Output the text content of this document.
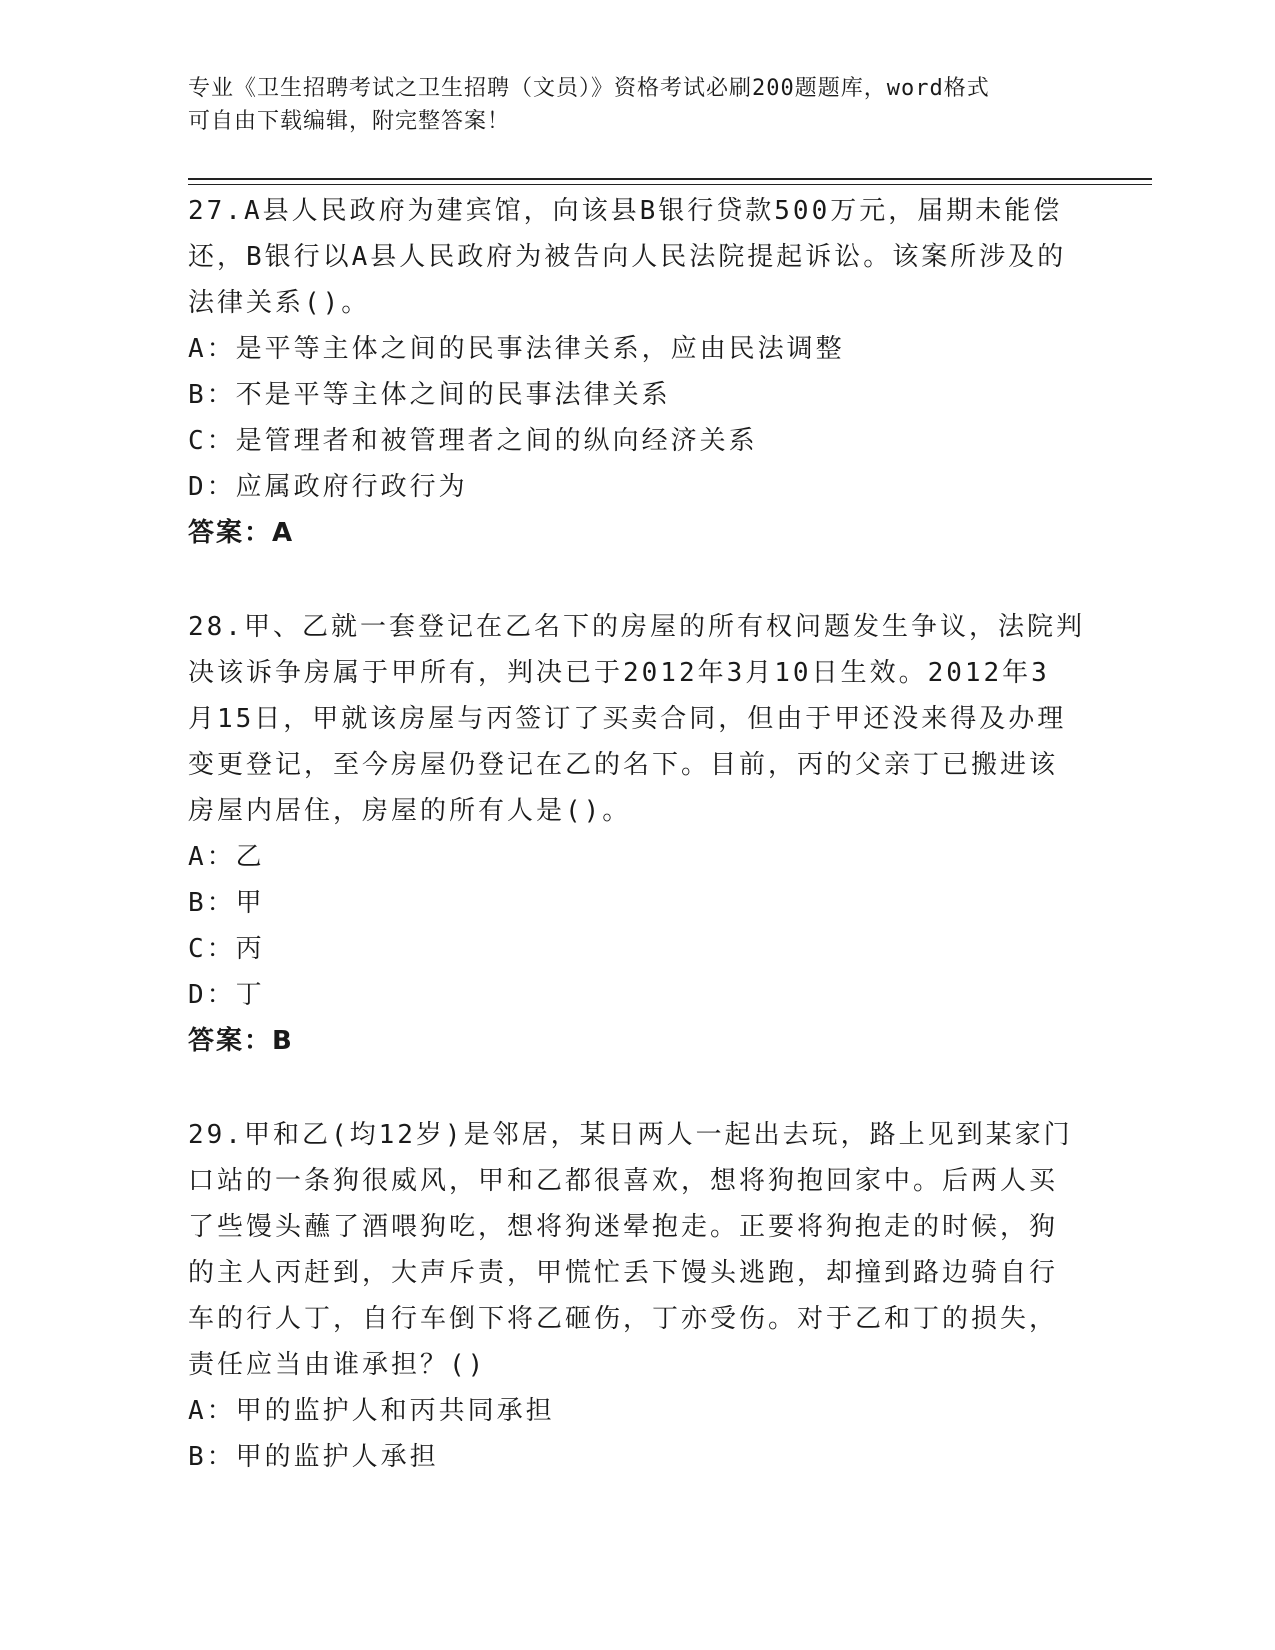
专业《卫生招聘考试之卫生招聘（文员）》资格考试必刷200题题库，word格式
可自由下载编辑，附完整答案！
27.A县人民政府为建宾馆，向该县B银行贷款500万元，届期未能偿
还，B银行以A县人民政府为被告向人民法院提起诉讼。该案所涉及的
法律关系()。
A：是平等主体之间的民事法律关系，应由民法调整
B：不是平等主体之间的民事法律关系
C：是管理者和被管理者之间的纵向经济关系
D：应属政府行政行为
答案：A
28.甲、乙就一套登记在乙名下的房屋的所有权问题发生争议，法院判
决该诉争房属于甲所有，判决已于2012年3月10日生效。2012年3
月15日，甲就该房屋与丙签订了买卖合同，但由于甲还没来得及办理
变更登记，至今房屋仍登记在乙的名下。目前，丙的父亲丁已搬进该
房屋内居住，房屋的所有人是()。
A：乙
B：甲
C：丙
D：丁
答案：B
29.甲和乙(均12岁)是邻居，某日两人一起出去玩，路上见到某家门
口站的一条狗很威风，甲和乙都很喜欢，想将狗抱回家中。后两人买
了些馒头蘸了酒喂狗吃，想将狗迷晕抱走。正要将狗抱走的时候，狗
的主人丙赶到，大声斥责，甲慌忙丢下馒头逃跑，却撞到路边骑自行
车的行人丁，自行车倒下将乙砸伤，丁亦受伤。对于乙和丁的损失，
责任应当由谁承担？()
A：甲的监护人和丙共同承担
B：甲的监护人承担
